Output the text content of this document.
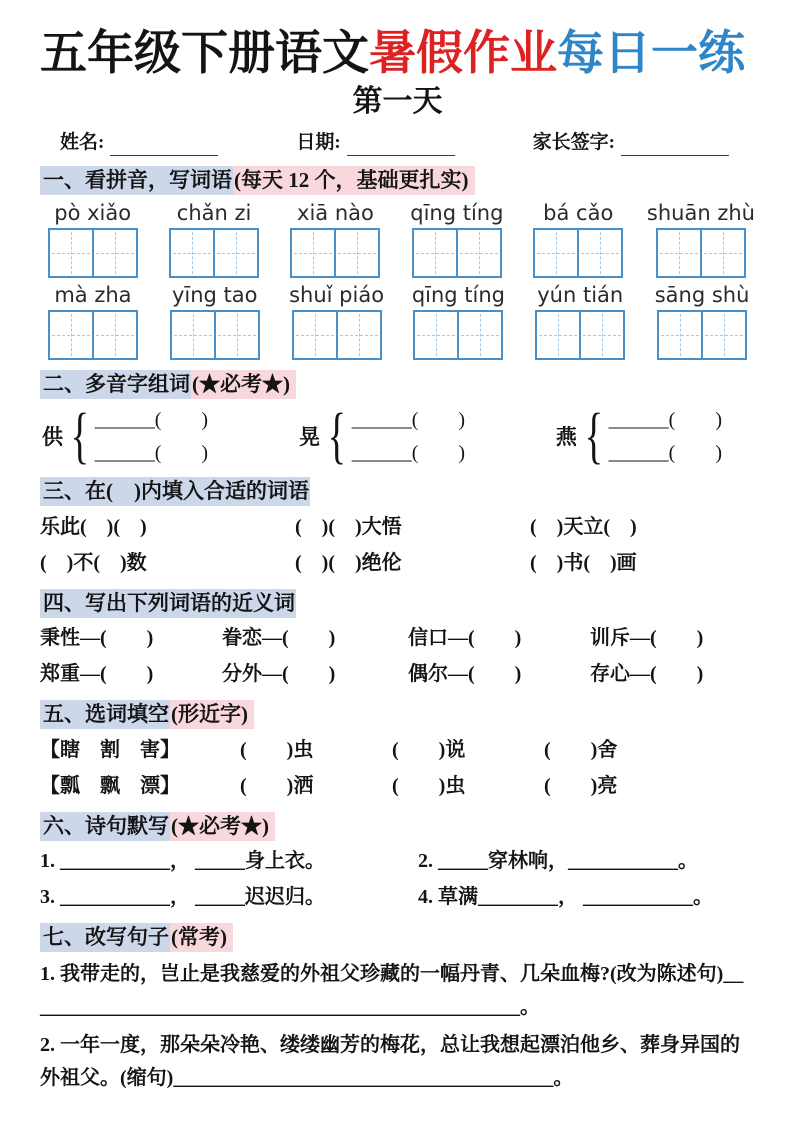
五年级下册语文暑假作业每日一练
第一天
姓名:	日期:	家长签字:
一、看拼音，写词语(每天 12 个，基础更扎实)
pò xiǎo	chǎn zi	xiā nào	qīng tíng	bá cǎo	shuān zhù
mà zha	yīng tao	shuǐ piáo	qīng tíng	yún tián	sāng shù
二、多音字组词(★必考★)
供 { ______(        )
______(        )
晃 { ______(        )
______(        )
燕 { ______(        )
______(        )
三、在(　)内填入合适的词语
乐此(　)(　)	(　)(　)大悟	(　)天立(　)
(　)不(　)数	(　)(　)绝伦	(　)书(　)画
四、写出下列词语的近义词
秉性—(　　)	眷恋—(　　)	信口—(　　)	训斥—(　　)
郑重—(　　)	分外—(　　)	偶尔—(　　)	存心—(　　)
五、选词填空(形近字)
【瞎　割　害】	(　　)虫	(　　)说	(　　)舍
【瓢　飘　漂】	(　　)洒	(　　)虫	(　　)亮
六、诗句默写(★必考★)
1. ___________， _____身上衣。	2. _____穿林响，___________。
3. ___________， _____迟迟归。	4. 草满________， ___________。
七、改写句子(常考)

1. 我带走的，岂止是我慈爱的外祖父珍藏的一幅丹青、几朵血梅?(改为陈述句)__________________________________________________。

2. 一年一度，那朵朵冷艳、缕缕幽芳的梅花，总让我想起漂泊他乡、葬身异国的外祖父。(缩句)______________________________________。
